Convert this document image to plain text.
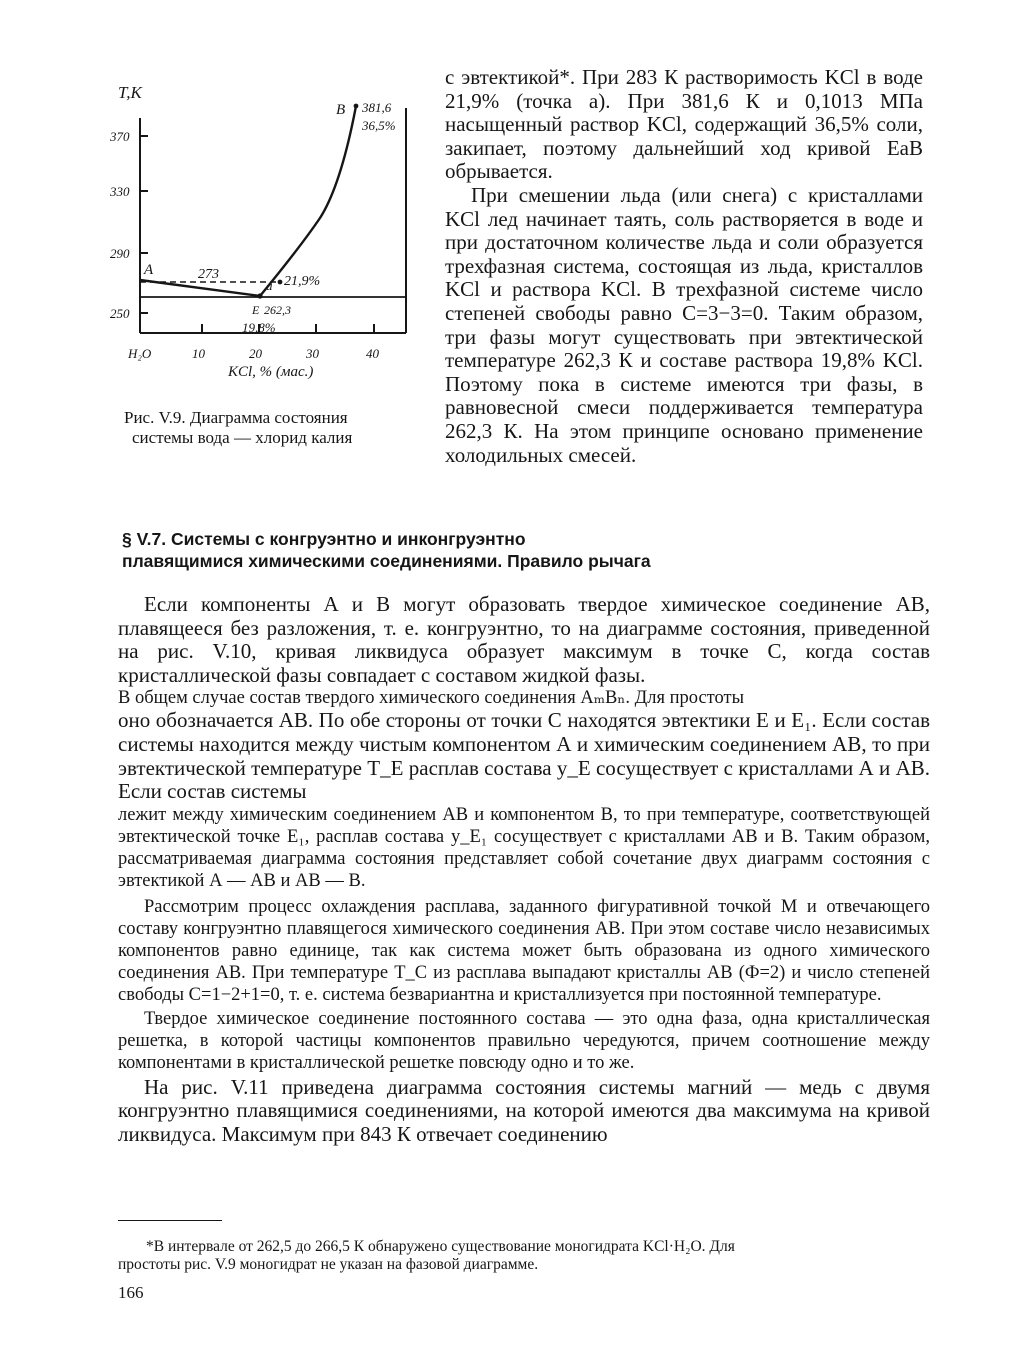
T,K
370
330
290
250
H₂O	10	20	30	40
KCl, % (мас.)
A
B
a
273	21,9%
381,6
36,5%
E 262,3
19,8%

Рис. V.9. Диаграмма состояния

системы вода — хлорид калия

с эвтектикой*. При 283 К растворимость KCl в воде 21,9% (точка а). При 381,6 К и 0,1013 МПа насыщенный раствор KCl, содержащий 36,5% соли, закипает, поэтому дальнейший ход кривой EaB обрывается.

При смешении льда (или снега) с кристаллами KCl лед начинает таять, соль растворяется в воде и при достаточном количестве льда и соли образуется трехфазная система, состоящая из льда, кристаллов KCl и раствора KCl. В трехфазной системе число степеней свободы равно C=3−3=0. Таким образом, три фазы могут существовать при эвтектической температуре 262,3 К и составе раствора 19,8% KCl. Поэтому пока в системе имеются три фазы, в равновесной смеси поддерживается температура 262,3 К. На этом принципе основано применение холодильных смесей.

§ V.7. Системы с конгруэнтно и инконгруэнтно

плавящимися химическими соединениями. Правило рычага

Если компоненты А и В могут образовать твердое химическое соединение АВ, плавящееся без разложения, т. е. конгруэнтно, то на диаграмме состояния, приведенной на рис. V.10, кривая ликвидуса образует максимум в точке С, когда состав кристаллической фазы совпадает с составом жидкой фазы.

В общем случае состав твердого химического соединения AₘBₙ. Для простоты

оно обозначается АВ. По обе стороны от точки С находятся эвтектики Е и Е₁. Если состав системы находится между чистым компонентом А и химическим соединением АВ, то при эвтектической температуре T_E расплав состава y_E сосуществует с кристаллами А и АВ. Если состав системы

лежит между химическим соединением АВ и компонентом В, то при температуре, соответствующей эвтектической точке E₁, расплав состава y_E₁ сосуществует с кристаллами АВ и В. Таким образом, рассматриваемая диаграмма состояния представляет собой сочетание двух диаграмм состояния с эвтектикой А — АВ и АВ — В.

Рассмотрим процесс охлаждения расплава, заданного фигуративной точкой М и отвечающего составу конгруэнтно плавящегося химического соединения АВ. При этом составе число независимых компонентов равно единице, так как система может быть образована из одного химического соединения АВ. При температуре T_C из расплава выпадают кристаллы АВ (Ф=2) и число степеней свободы C=1−2+1=0, т. е. система безвариантна и кристаллизуется при постоянной температуре.

Твердое химическое соединение постоянного состава — это одна фаза, одна кристаллическая решетка, в которой частицы компонентов правильно чередуются, причем соотношение между компонентами в кристаллической решетке повсюду одно и то же.

На рис. V.11 приведена диаграмма состояния системы магний — медь с двумя конгруэнтно плавящимися соединениями, на которой имеются два максимума на кривой ликвидуса. Максимум при 843 К отвечает соединению

*В интервале от 262,5 до 266,5 К обнаружено существование моногидрата KCl·H₂O. Для

простоты рис. V.9 моногидрат не указан на фазовой диаграмме.

166
